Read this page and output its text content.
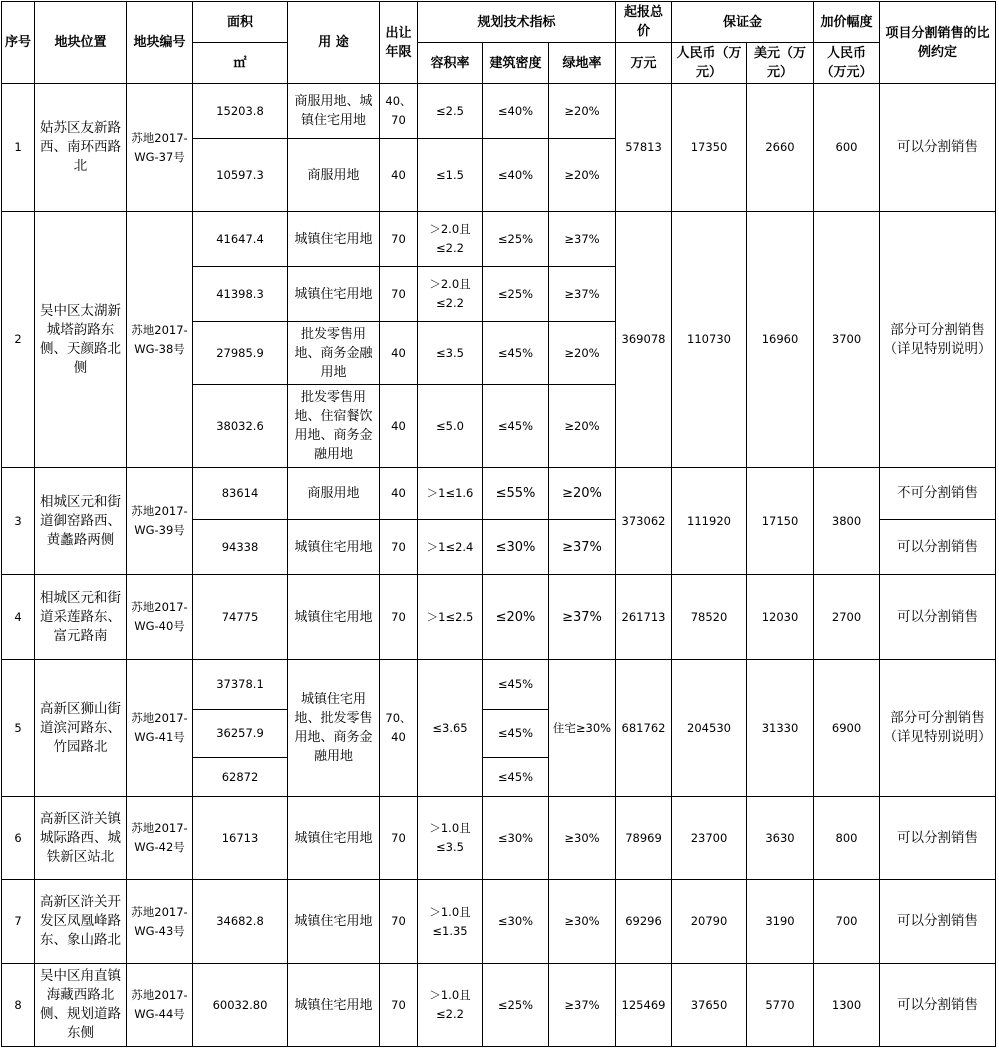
序号	地块位置	地块编号	面积	用 途	出让年限	规划技术指标			起报总价	保证金		加价幅度	项目分割销售的比例约定
			㎡			容积率	建筑密度	绿地率	万元	人民币（万元）	美元（万元）	人民币（万元）	
1	姑苏区友新路西、南环西路北	苏地2017-WG-37号	15203.8	商服用地、城镇住宅用地	40、70	≤2.5	≤40%	≥20%	57813	17350	2660	600	可以分割销售
			10597.3	商服用地	40	≤1.5	≤40%	≥20%					
2	吴中区太湖新城塔韵路东侧、天颜路北侧	苏地2017-WG-38号	41647.4	城镇住宅用地	70	＞2.0且≤2.2	≤25%	≥37%	369078	110730	16960	3700	部分可分割销售（详见特别说明）
			41398.3	城镇住宅用地	70	＞2.0且≤2.2	≤25%	≥37%					
			27985.9	批发零售用地、商务金融用地	40	≤3.5	≤45%	≥20%					
			38032.6	批发零售用地、住宿餐饮用地、商务金融用地	40	≤5.0	≤45%	≥20%					
3	相城区元和街道御窑路西、黄蠡路两侧	苏地2017-WG-39号	83614	商服用地	40	＞1≤1.6	≤55%	≥20%	373062	111920	17150	3800	不可分割销售
			94338	城镇住宅用地	70	＞1≤2.4	≤30%	≥37%					可以分割销售
4	相城区元和街道采莲路东、富元路南	苏地2017-WG-40号	74775	城镇住宅用地	70	＞1≤2.5	≤20%	≥37%	261713	78520	12030	2700	可以分割销售
5	高新区狮山街道滨河路东、竹园路北	苏地2017-WG-41号	37378.1	城镇住宅用地、批发零售用地、商务金融用地	70、40	≤3.65	≤45%	住宅≥30%	681762	204530	31330	6900	部分可分割销售（详见特别说明）
			36257.9				≤45%						
			62872				≤45%						
6	高新区浒关镇城际路西、城铁新区站北	苏地2017-WG-42号	16713	城镇住宅用地	70	＞1.0且≤3.5	≤30%	≥30%	78969	23700	3630	800	可以分割销售
7	高新区浒关开发区凤凰峰路东、象山路北	苏地2017-WG-43号	34682.8	城镇住宅用地	70	＞1.0且≤1.35	≤30%	≥30%	69296	20790	3190	700	可以分割销售
8	吴中区甪直镇海藏西路北侧、规划道路东侧	苏地2017-WG-44号	60032.80	城镇住宅用地	70	＞1.0且≤2.2	≤25%	≥37%	125469	37650	5770	1300	可以分割销售
